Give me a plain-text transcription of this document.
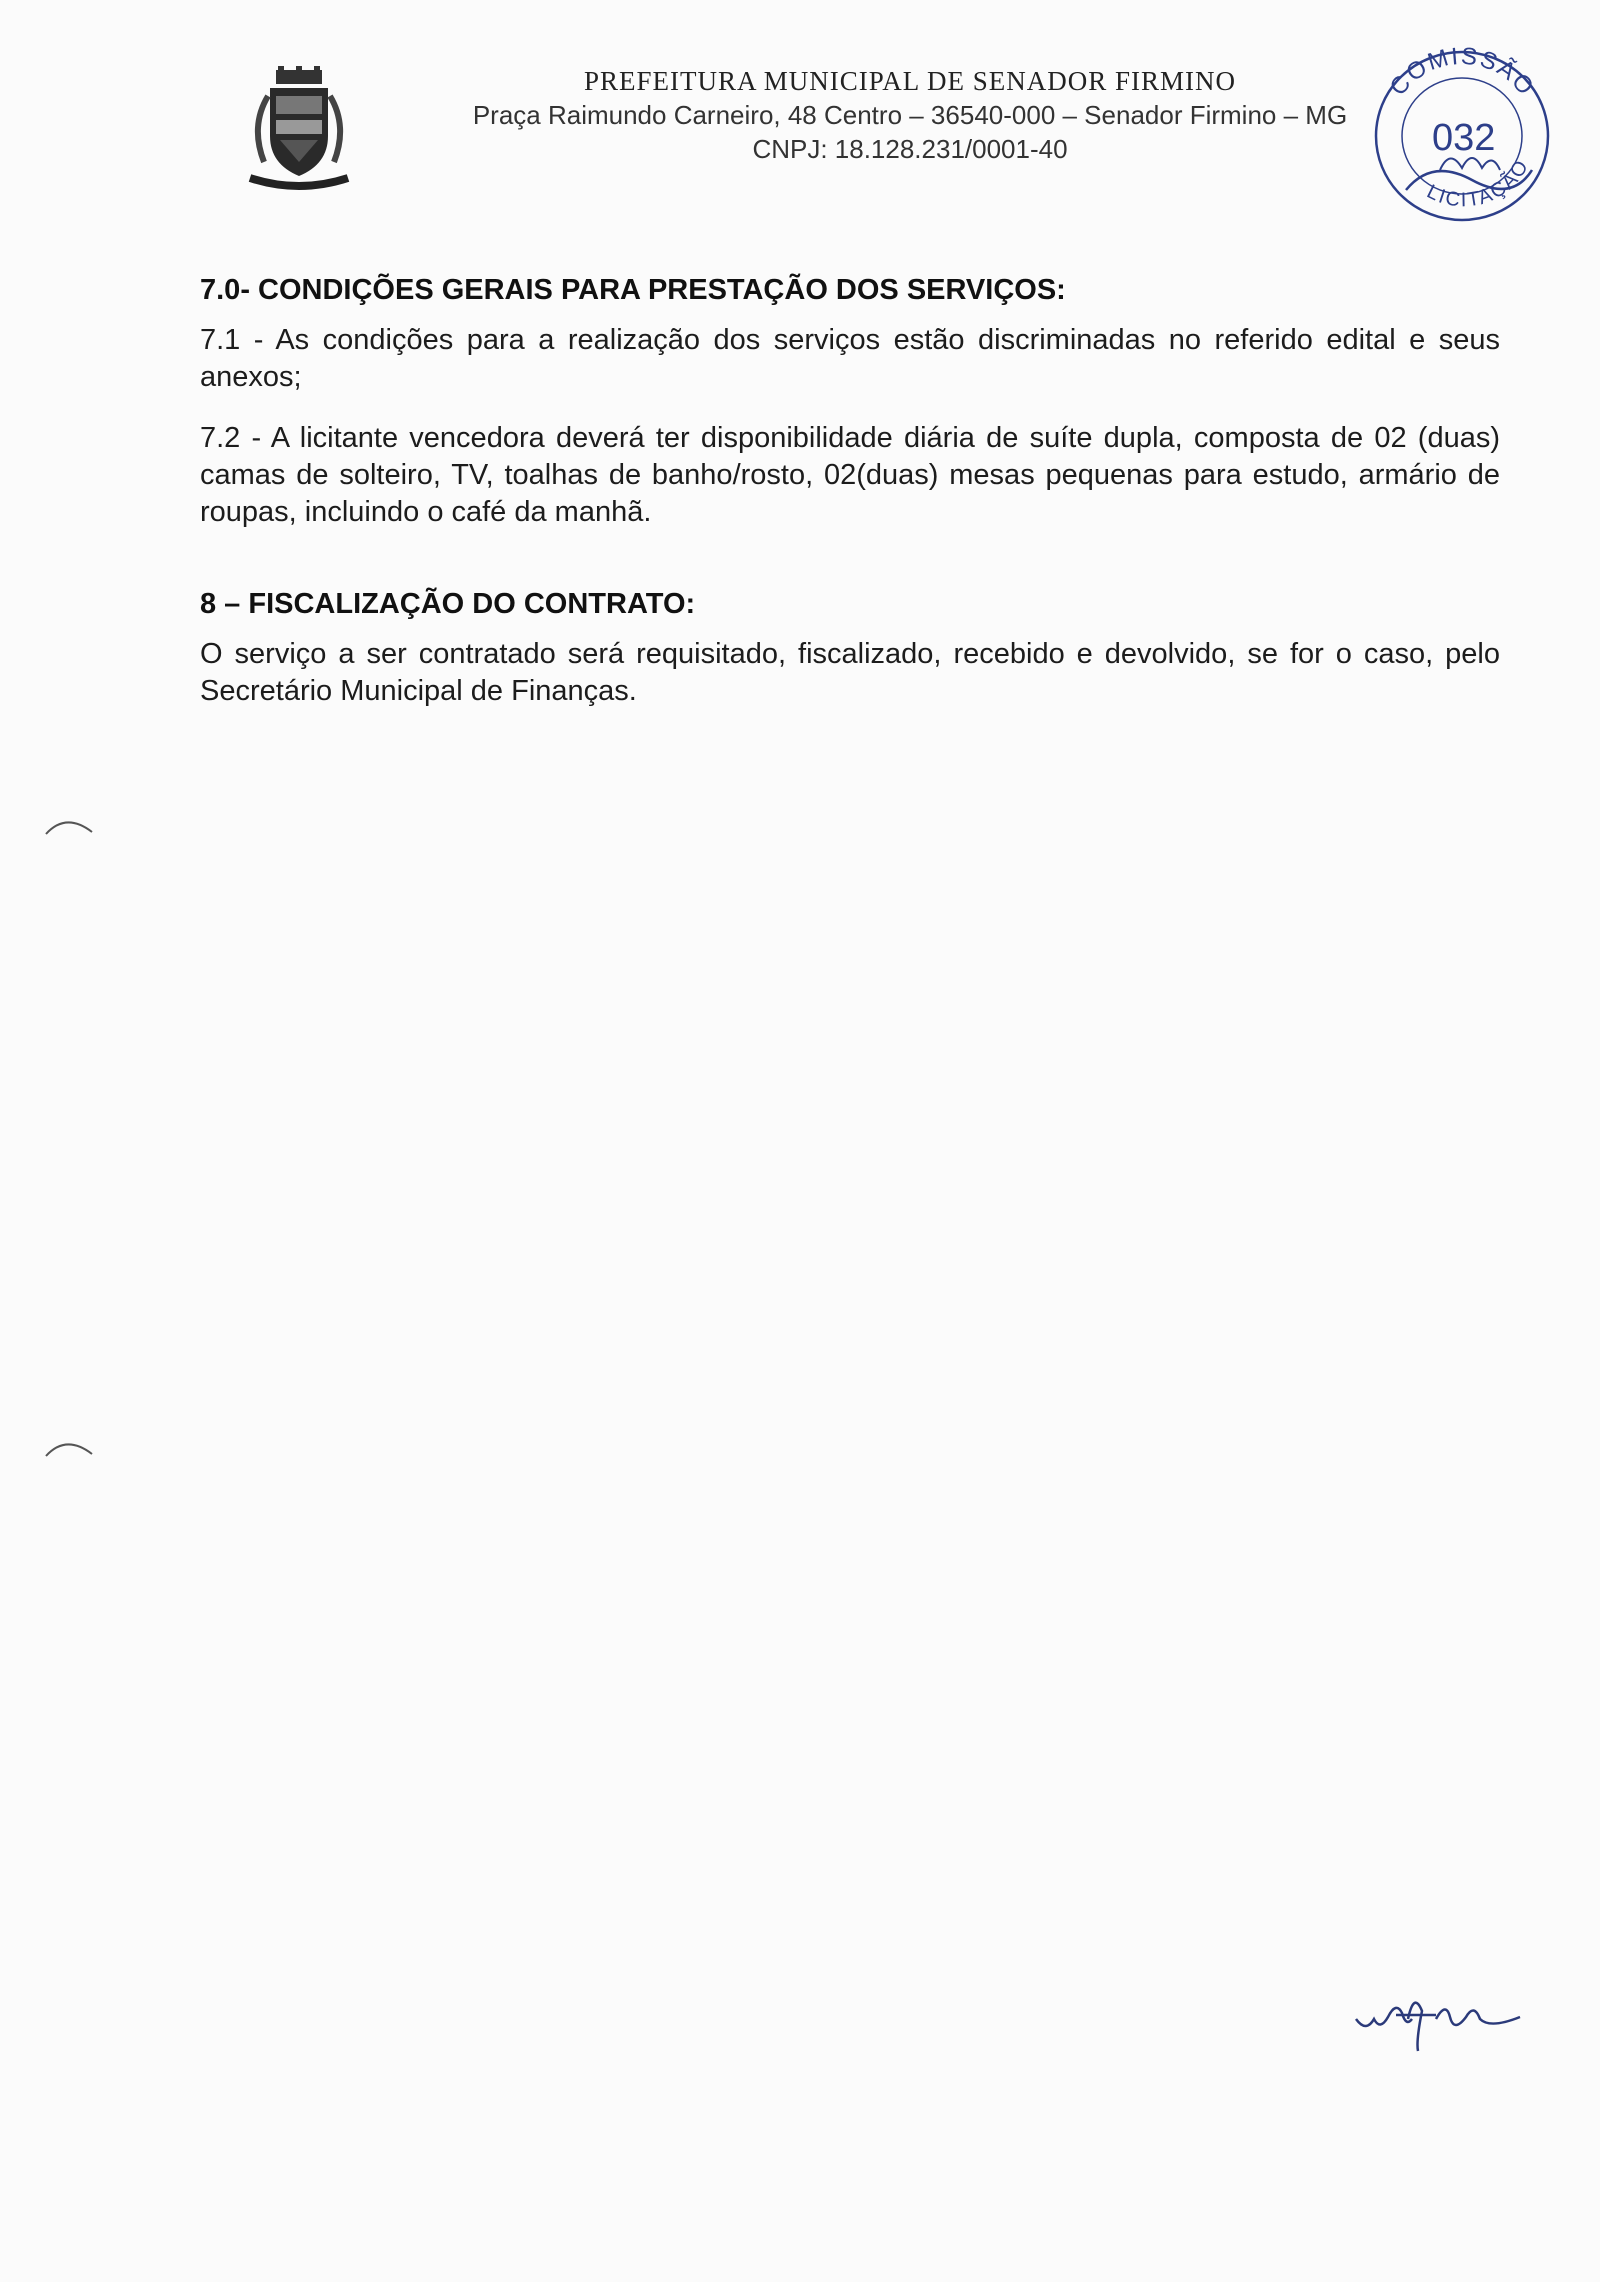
PREFEITURA MUNICIPAL DE SENADOR FIRMINO
Praça Raimundo Carneiro, 48 Centro – 36540-000 – Senador Firmino – MG
CNPJ: 18.128.231/0001-40
COMISSÃO
032
LICITAÇÃO
7.0- CONDIÇÕES GERAIS PARA PRESTAÇÃO DOS SERVIÇOS:
7.1 - As condições para a realização dos serviços estão discriminadas no referido edital e seus anexos;
7.2 - A licitante vencedora deverá ter disponibilidade diária de suíte dupla, composta de 02 (duas) camas de solteiro, TV, toalhas de banho/rosto, 02(duas) mesas pequenas para estudo, armário de roupas, incluindo o café da manhã.
8 – FISCALIZAÇÃO DO CONTRATO:
O serviço a ser contratado será requisitado, fiscalizado, recebido e devolvido, se for o caso, pelo Secretário Municipal de Finanças.
